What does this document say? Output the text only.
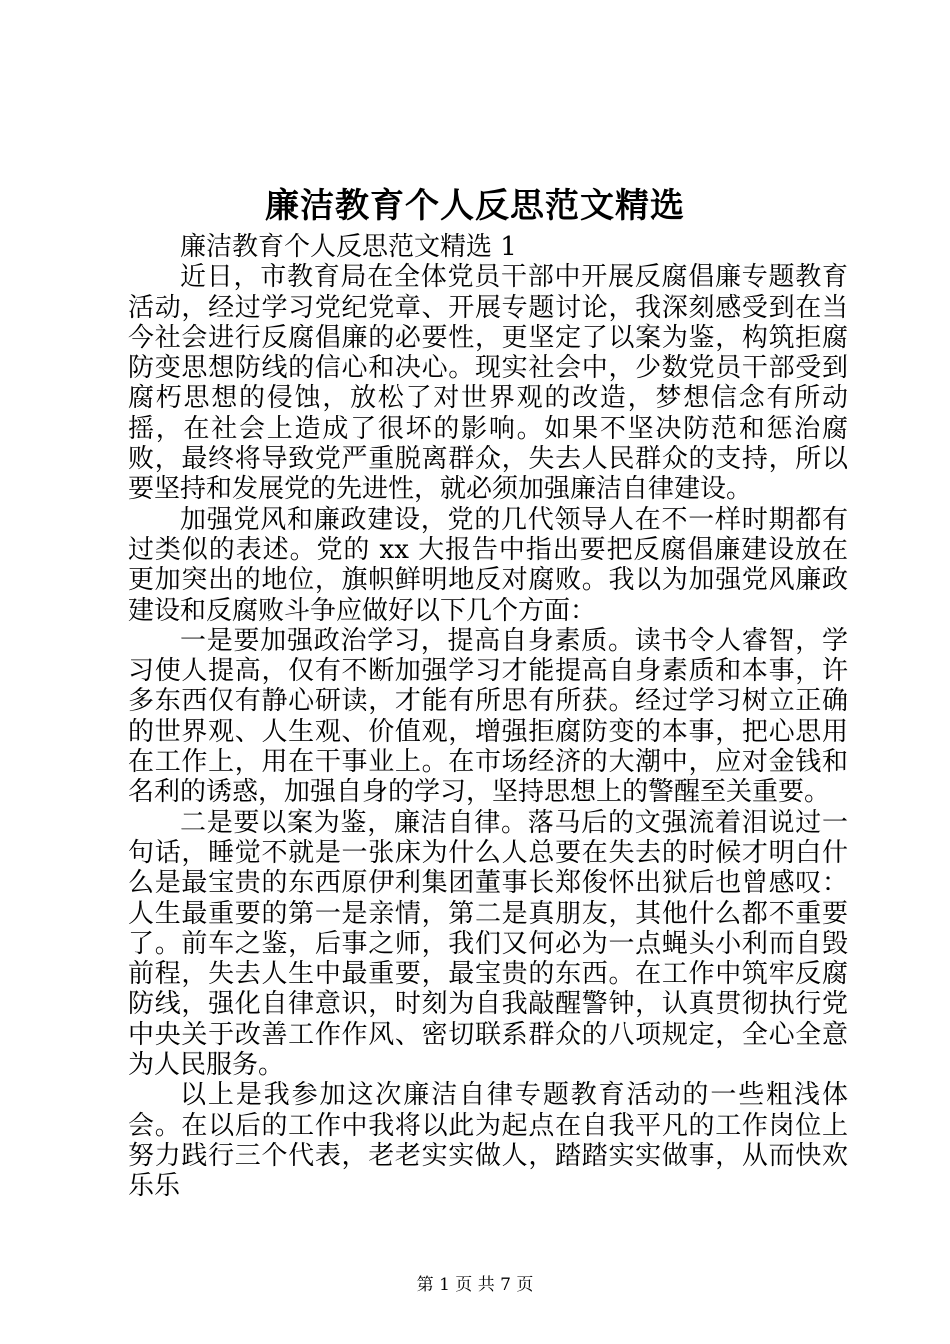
廉洁教育个人反思范文精选

廉洁教育个人反思范文精选 1

近日，市教育局在全体党员干部中开展反腐倡廉专题教育活动，经过学习党纪党章、开展专题讨论，我深刻感受到在当今社会进行反腐倡廉的必要性，更坚定了以案为鉴，构筑拒腐防变思想防线的信心和决心。现实社会中，少数党员干部受到腐朽思想的侵蚀，放松了对世界观的改造，梦想信念有所动摇，在社会上造成了很坏的影响。如果不坚决防范和惩治腐败，最终将导致党严重脱离群众，失去人民群众的支持，所以要坚持和发展党的先进性，就必须加强廉洁自律建设。

加强党风和廉政建设，党的几代领导人在不一样时期都有过类似的表述。党的 xx 大报告中指出要把反腐倡廉建设放在更加突出的地位，旗帜鲜明地反对腐败。我以为加强党风廉政建设和反腐败斗争应做好以下几个方面：

一是要加强政治学习，提高自身素质。读书令人睿智，学习使人提高，仅有不断加强学习才能提高自身素质和本事，许多东西仅有静心研读，才能有所思有所获。经过学习树立正确的世界观、人生观、价值观，增强拒腐防变的本事，把心思用在工作上，用在干事业上。在市场经济的大潮中，应对金钱和名利的诱惑，加强自身的学习，坚持思想上的警醒至关重要。

二是要以案为鉴，廉洁自律。落马后的文强流着泪说过一句话，睡觉不就是一张床为什么人总要在失去的时候才明白什么是最宝贵的东西原伊利集团董事长郑俊怀出狱后也曾感叹：人生最重要的第一是亲情，第二是真朋友，其他什么都不重要了。前车之鉴，后事之师，我们又何必为一点蝇头小利而自毁前程，失去人生中最重要，最宝贵的东西。在工作中筑牢反腐防线，强化自律意识，时刻为自我敲醒警钟，认真贯彻执行党中央关于改善工作作风、密切联系群众的八项规定，全心全意为人民服务。

以上是我参加这次廉洁自律专题教育活动的一些粗浅体会。在以后的工作中我将以此为起点在自我平凡的工作岗位上努力践行三个代表，老老实实做人，踏踏实实做事，从而快欢乐乐

第 1 页 共 7 页
